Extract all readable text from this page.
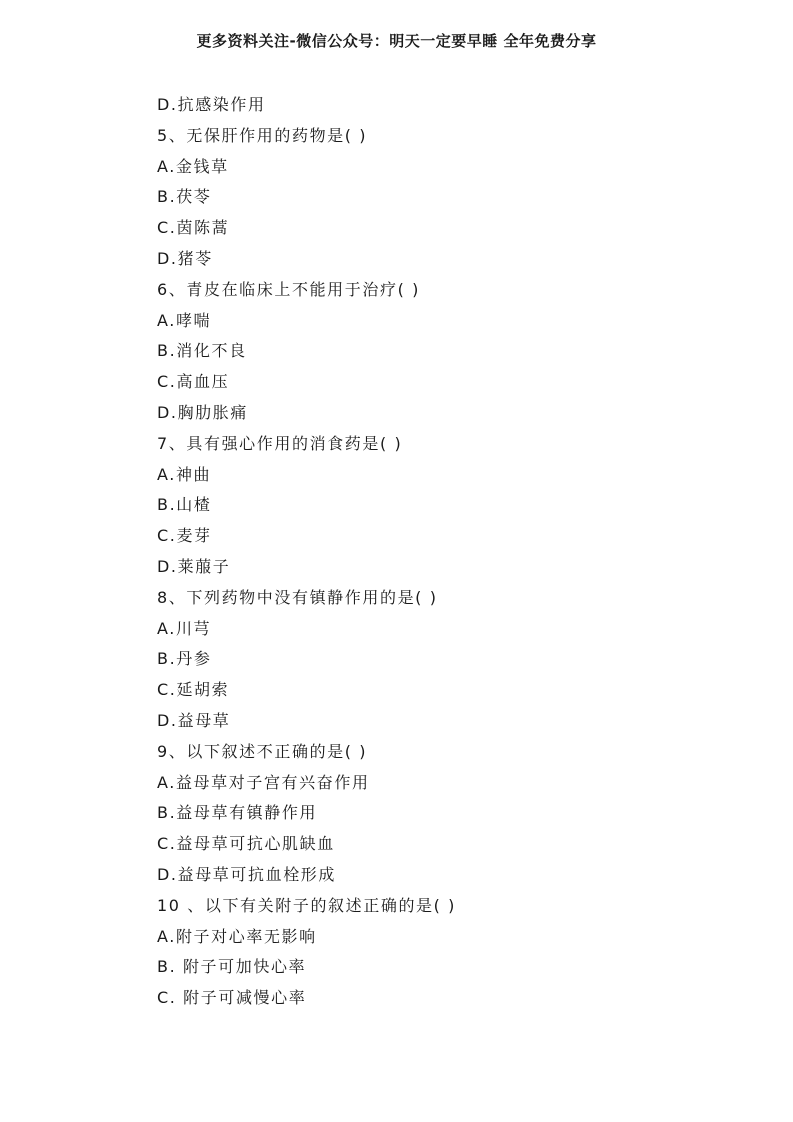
更多资料关注-微信公众号：明天一定要早睡 全年免费分享
D.抗感染作用
5、无保肝作用的药物是( )
A.金钱草
B.茯苓
C.茵陈蒿
D.猪苓
6、青皮在临床上不能用于治疗( )
A.哮喘
B.消化不良
C.高血压
D.胸肋胀痛
7、具有强心作用的消食药是( )
A.神曲
B.山楂
C.麦芽
D.莱菔子
8、下列药物中没有镇静作用的是( )
A.川芎
B.丹参
C.延胡索
D.益母草
9、以下叙述不正确的是( )
A.益母草对子宫有兴奋作用
B.益母草有镇静作用
C.益母草可抗心肌缺血
D.益母草可抗血栓形成
10 、以下有关附子的叙述正确的是( )
A.附子对心率无影响
B. 附子可加快心率
C. 附子可减慢心率
